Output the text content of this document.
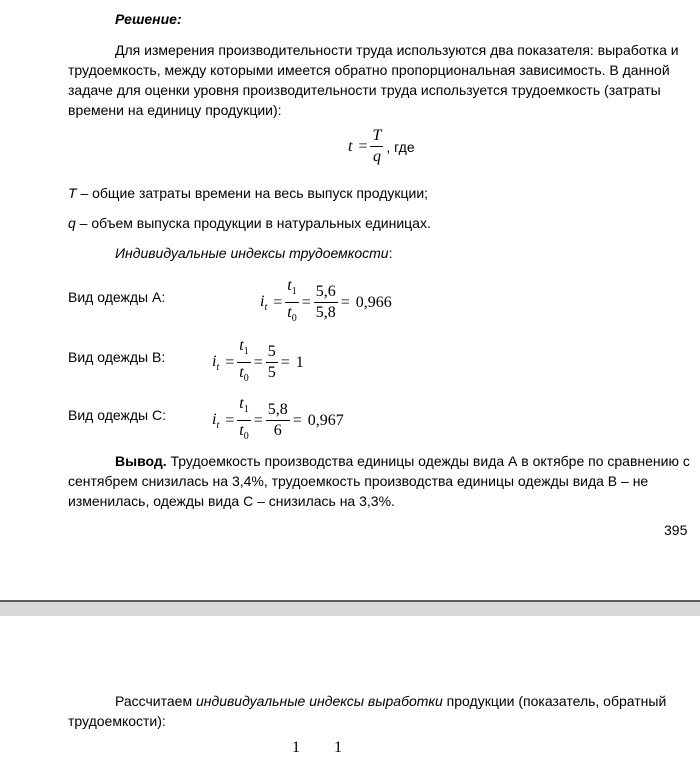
Решение:
Для измерения производительности труда используются два показателя: выработка и
трудоемкость, между которыми имеется обратно пропорциональная зависимость. В данной
задаче для оценки уровня производительности труда используется трудоемкость (затраты
времени на единицу продукции):
$t = \frac{T}{q}$ , где
T – общие затраты времени на весь выпуск продукции;
q – объем выпуска продукции в натуральных единицах.
Индивидуальные индексы трудоемкости:
Вид одежды А:	$i_t = \frac{t_1}{t_0} = \frac{5,6}{5,8} = 0,966$
Вид одежды В:	$i_t = \frac{t_1}{t_0} = \frac{5}{5} = 1$
Вид одежды С:	$i_t = \frac{t_1}{t_0} = \frac{5,8}{6} = 0,967$
Вывод. Трудоемкость производства единицы одежды вида А в октябре по сравнению с
сентябрем снизилась на 3,4%, трудоемкость производства единицы одежды вида В – не
изменилась, одежды вида С – снизилась на 3,3%.
395
Рассчитаем индивидуальные индексы выработки продукции (показатель, обратный
трудоемкости):
1 1
